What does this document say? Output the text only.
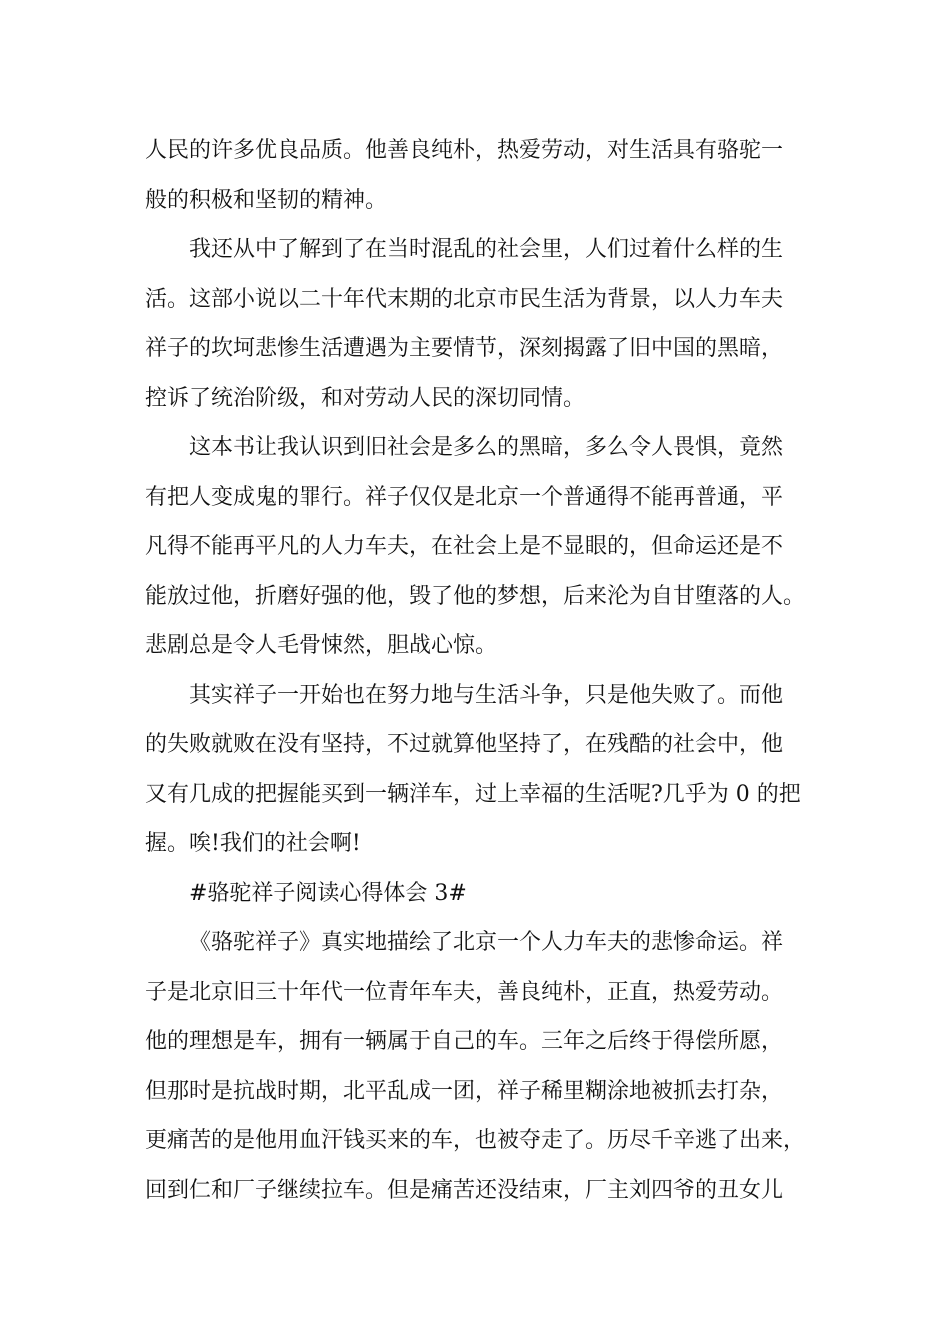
人民的许多优良品质。他善良纯朴，热爱劳动，对生活具有骆驼一
般的积极和坚韧的精神。
我还从中了解到了在当时混乱的社会里，人们过着什么样的生
活。这部小说以二十年代末期的北京市民生活为背景，以人力车夫
祥子的坎坷悲惨生活遭遇为主要情节，深刻揭露了旧中国的黑暗，
控诉了统治阶级，和对劳动人民的深切同情。
这本书让我认识到旧社会是多么的黑暗，多么令人畏惧，竟然
有把人变成鬼的罪行。祥子仅仅是北京一个普通得不能再普通，平
凡得不能再平凡的人力车夫，在社会上是不显眼的，但命运还是不
能放过他，折磨好强的他，毁了他的梦想，后来沦为自甘堕落的人。
悲剧总是令人毛骨悚然，胆战心惊。
其实祥子一开始也在努力地与生活斗争，只是他失败了。而他
的失败就败在没有坚持，不过就算他坚持了，在残酷的社会中，他
又有几成的把握能买到一辆洋车，过上幸福的生活呢?几乎为 0 的把
握。唉!我们的社会啊!
#骆驼祥子阅读心得体会 3#
《骆驼祥子》真实地描绘了北京一个人力车夫的悲惨命运。祥
子是北京旧三十年代一位青年车夫，善良纯朴，正直，热爱劳动。
他的理想是车，拥有一辆属于自己的车。三年之后终于得偿所愿，
但那时是抗战时期，北平乱成一团，祥子稀里糊涂地被抓去打杂，
更痛苦的是他用血汗钱买来的车，也被夺走了。历尽千辛逃了出来，
回到仁和厂子继续拉车。但是痛苦还没结束，厂主刘四爷的丑女儿
